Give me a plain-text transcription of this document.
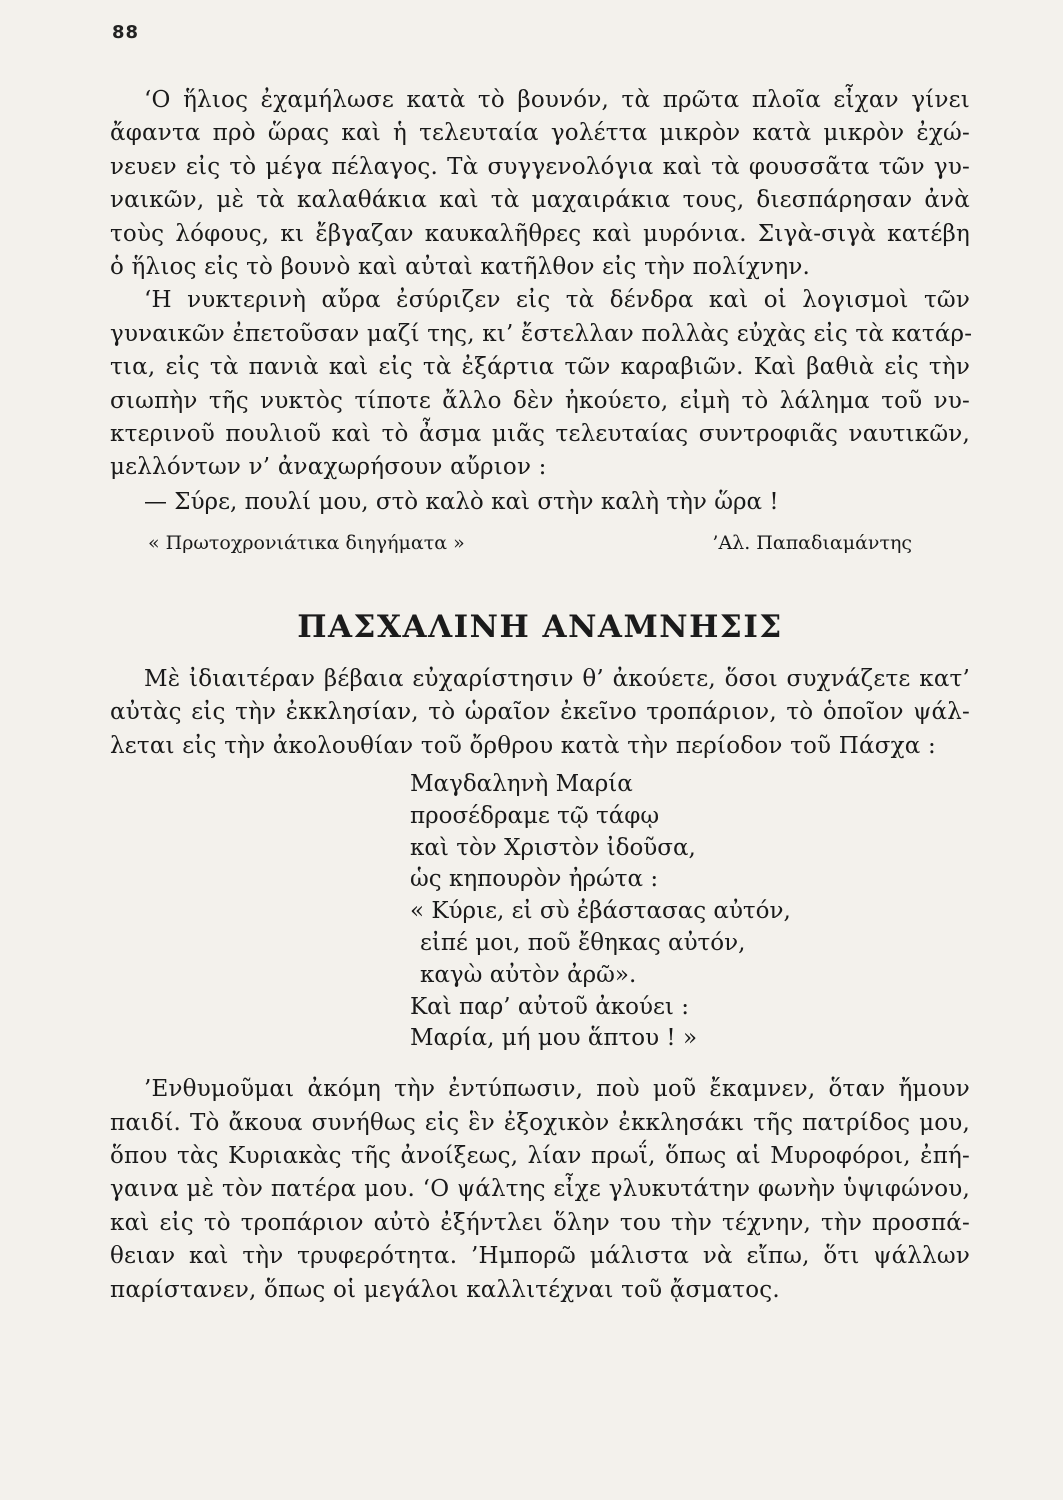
88

‘Ο ἥλιος ἐχαμήλωσε κατὰ τὸ βουνόν, τὰ πρῶτα πλοῖα εἶχαν γίνει

ἄφαντα πρὸ ὥρας καὶ ἡ τελευταία γολέττα μικρὸν κατὰ μικρὸν ἐχώ-

νευεν εἰς τὸ μέγα πέλαγος. Τὰ συγγενολόγια καὶ τὰ φουσσᾶτα τῶν γυ-

ναικῶν, μὲ τὰ καλαθάκια καὶ τὰ μαχαιράκια τους, διεσπάρησαν ἀνὰ

τοὺς λόφους, κι ἔβγαζαν καυκαλῆθρες καὶ μυρόνια. Σιγὰ-σιγὰ κατέβη

ὁ ἥλιος εἰς τὸ βουνὸ καὶ αὐταὶ κατῆλθον εἰς τὴν πολίχνην.

‘Η νυκτερινὴ αὔρα ἐσύριζεν εἰς τὰ δένδρα καὶ οἱ λογισμοὶ τῶν

γυναικῶν ἐπετοῦσαν μαζί της, κι’ ἔστελλαν πολλὰς εὐχὰς εἰς τὰ κατάρ-

τια, εἰς τὰ πανιὰ καὶ εἰς τὰ ἐξάρτια τῶν καραβιῶν. Καὶ βαθιὰ εἰς τὴν

σιωπὴν τῆς νυκτὸς τίποτε ἄλλο δὲν ἠκούετο, εἰμὴ τὸ λάλημα τοῦ νυ-

κτερινοῦ πουλιοῦ καὶ τὸ ἆσμα μιᾶς τελευταίας συντροφιᾶς ναυτικῶν,

μελλόντων ν’ ἀναχωρήσουν αὔριον :

— Σύρε, πουλί μου, στὸ καλὸ καὶ στὴν καλὴ τὴν ὥρα !

« Πρωτοχρονιάτικα διηγήματα »	’Αλ. Παπαδιαμάντης
ΠΑΣΧΑΛΙΝΗ ΑΝΑΜΝΗΣΙΣ

Μὲ ἰδιαιτέραν βέβαια εὐχαρίστησιν θ’ ἀκούετε, ὅσοι συχνάζετε κατ’

αὐτὰς εἰς τὴν ἐκκλησίαν, τὸ ὡραῖον ἐκεῖνο τροπάριον, τὸ ὁποῖον ψάλ-

λεται εἰς τὴν ἀκολουθίαν τοῦ ὄρθρου κατὰ τὴν περίοδον τοῦ Πάσχα :

Μαγδαληνὴ Μαρία

προσέδραμε τῷ τάφῳ

καὶ τὸν Χριστὸν ἰδοῦσα,

ὡς κηπουρὸν ἠρώτα :

« Κύριε, εἰ σὺ ἐβάστασας αὐτόν,

εἰπέ μοι, ποῦ ἔθηκας αὐτόν,

καγὼ αὐτὸν ἀρῶ».

Καὶ παρ’ αὐτοῦ ἀκούει :

Μαρία, μή μου ἅπτου ! »

’Ενθυμοῦμαι ἀκόμη τὴν ἐντύπωσιν, ποὺ μοῦ ἔκαμνεν, ὅταν ἤμουν

παιδί. Τὸ ἄκουα συνήθως εἰς ἓν ἐξοχικὸν ἐκκλησάκι τῆς πατρίδος μου,

ὅπου τὰς Κυριακὰς τῆς ἀνοίξεως, λίαν πρωΐ, ὅπως αἱ Μυροφόροι, ἐπή-

γαινα μὲ τὸν πατέρα μου. ‘Ο ψάλτης εἶχε γλυκυτάτην φωνὴν ὑψιφώνου,

καὶ εἰς τὸ τροπάριον αὐτὸ ἐξήντλει ὅλην του τὴν τέχνην, τὴν προσπά-

θειαν καὶ τὴν τρυφερότητα. ’Ημπορῶ μάλιστα νὰ εἴπω, ὅτι ψάλλων

παρίστανεν, ὅπως οἱ μεγάλοι καλλιτέχναι τοῦ ᾄσματος.
